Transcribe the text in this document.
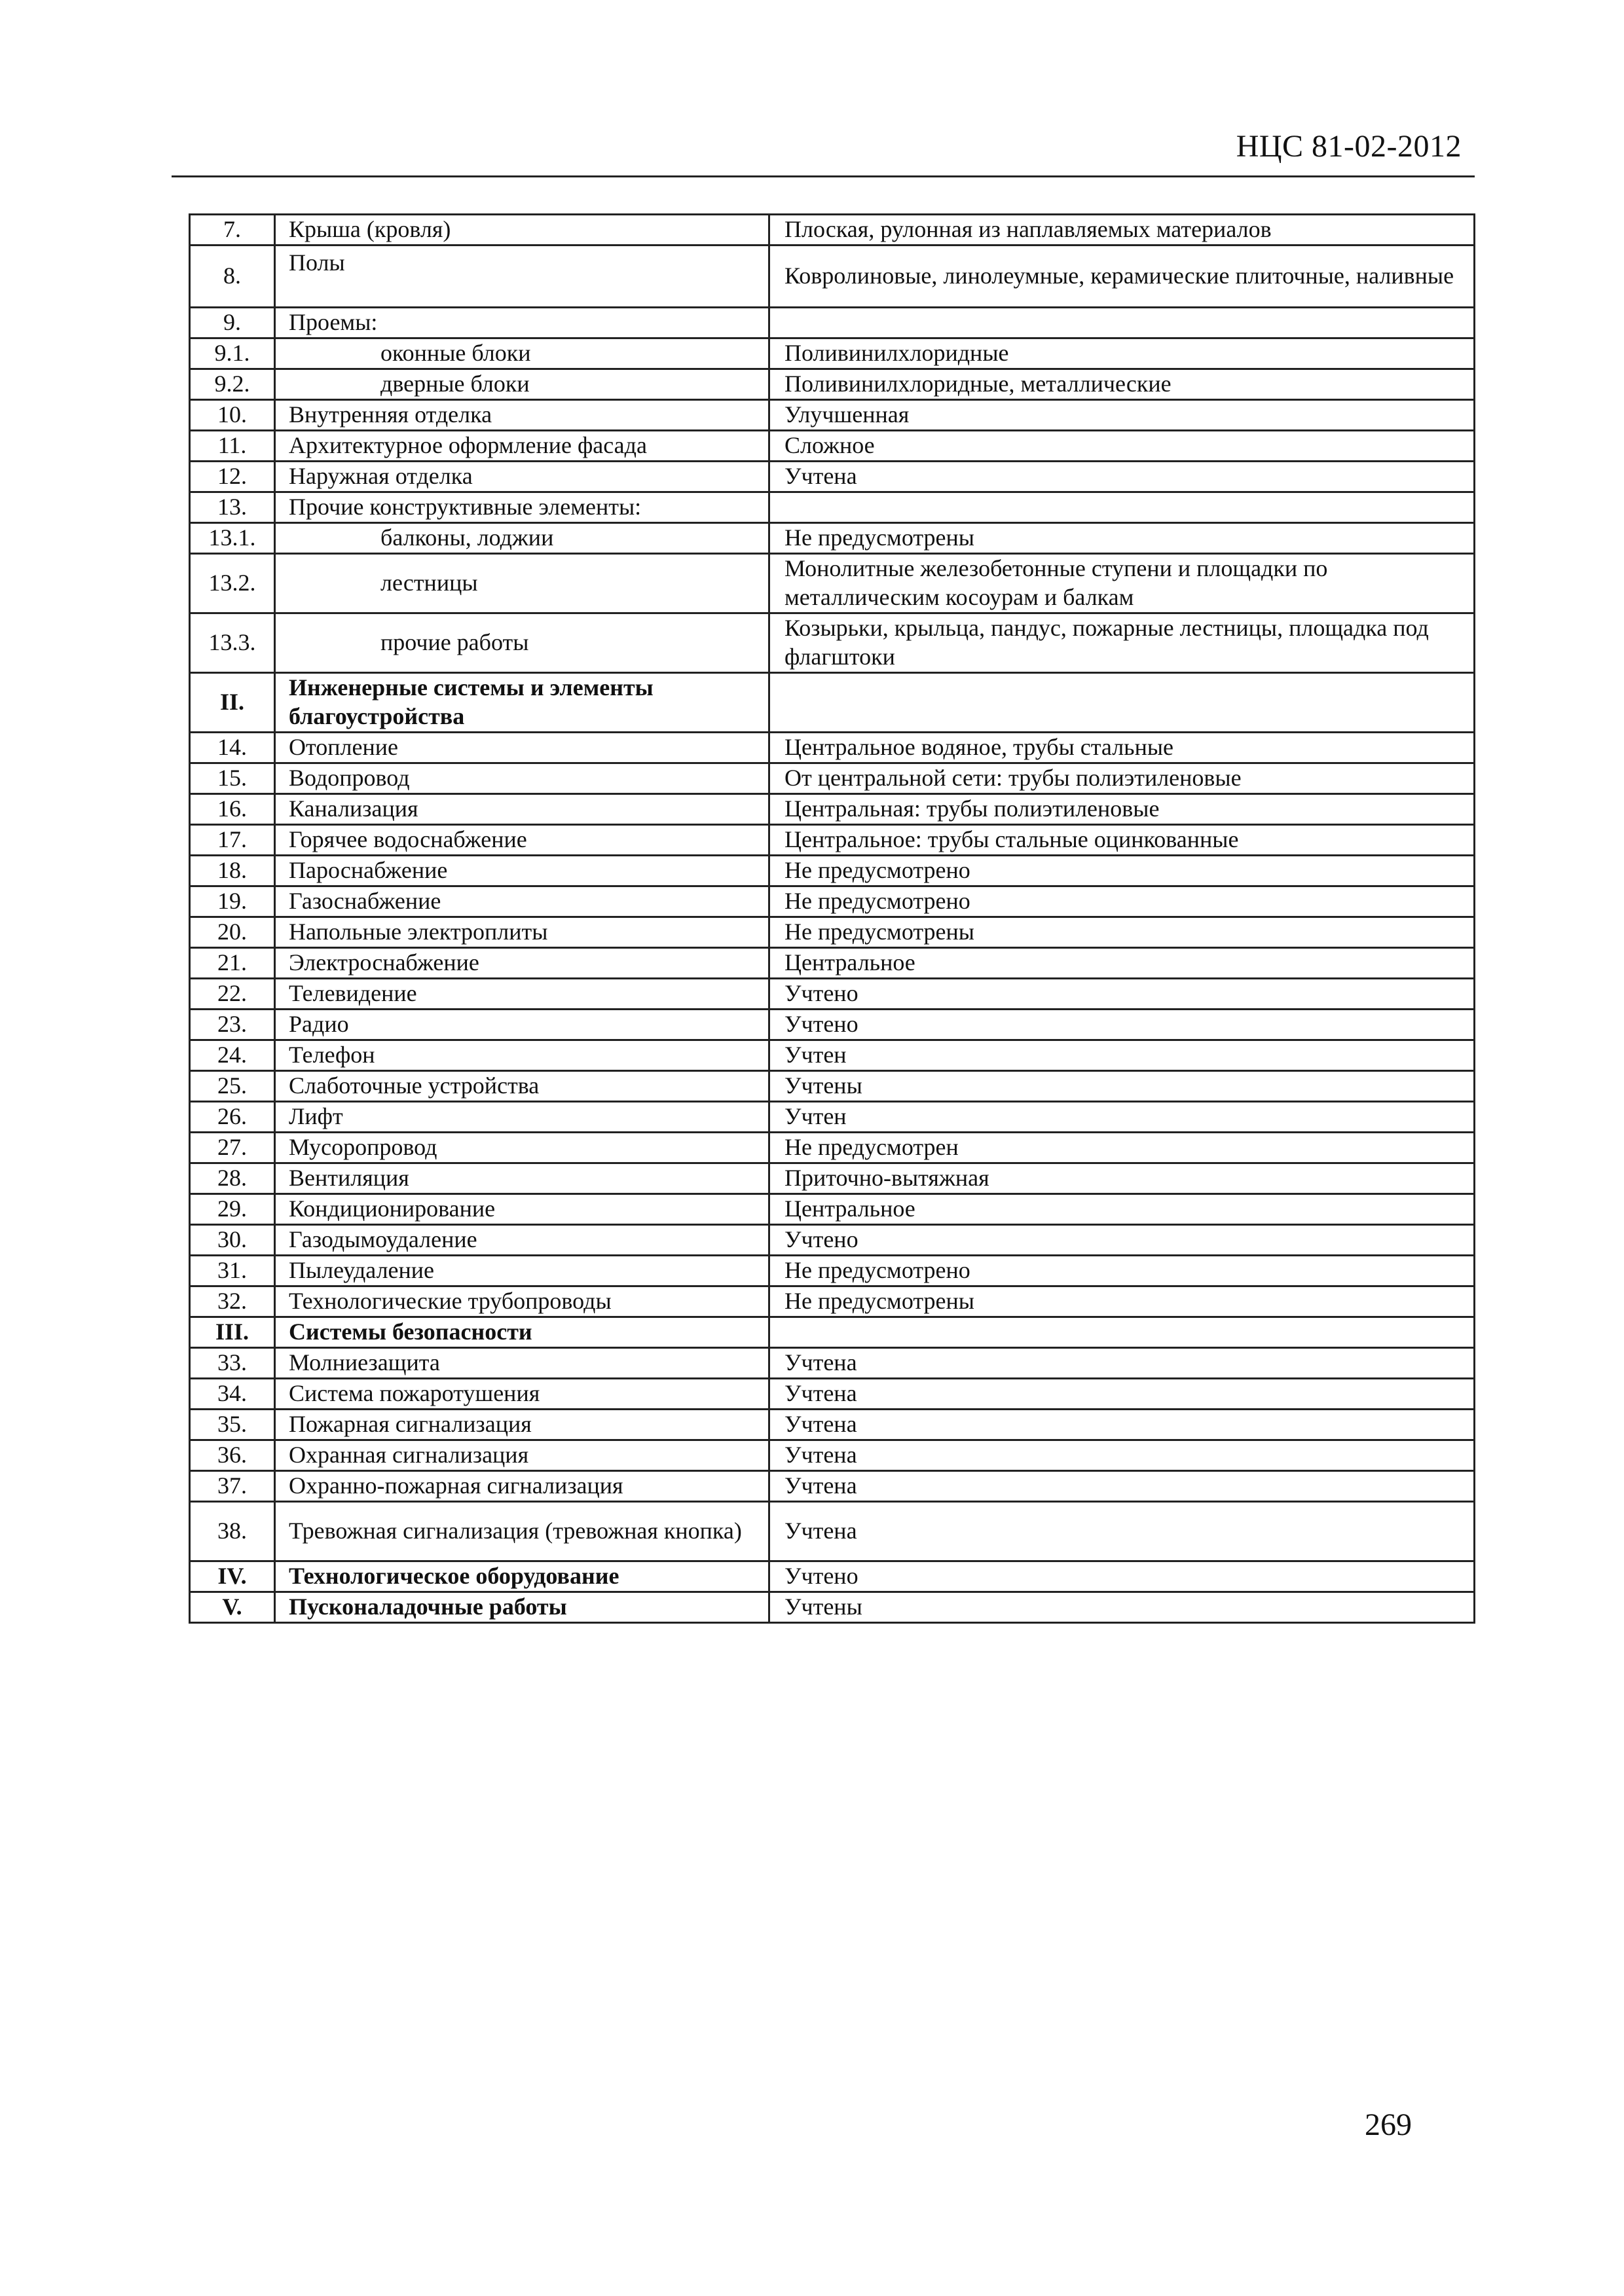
НЦС 81-02-2012
7.	Крыша (кровля)	Плоская, рулонная из наплавляемых материалов
8.	Полы	Ковролиновые, линолеумные, керамические плиточные, наливные
9.	Проемы:	
9.1.	оконные блоки	Поливинилхлоридные
9.2.	дверные блоки	Поливинилхлоридные, металлические
10.	Внутренняя отделка	Улучшенная
11.	Архитектурное оформление фасада	Сложное
12.	Наружная отделка	Учтена
13.	Прочие конструктивные элементы:	
13.1.	балконы, лоджии	Не предусмотрены
13.2.	лестницы	Монолитные железобетонные ступени и площадки по металлическим косоурам и балкам
13.3.	прочие работы	Козырьки, крыльца, пандус, пожарные лестницы, площадка под флагштоки
II.	Инженерные системы и элементы благоустройства	
14.	Отопление	Центральное водяное, трубы стальные
15.	Водопровод	От центральной сети: трубы полиэтиленовые
16.	Канализация	Центральная: трубы полиэтиленовые
17.	Горячее водоснабжение	Центральное: трубы стальные оцинкованные
18.	Пароснабжение	Не предусмотрено
19.	Газоснабжение	Не предусмотрено
20.	Напольные электроплиты	Не предусмотрены
21.	Электроснабжение	Центральное
22.	Телевидение	Учтено
23.	Радио	Учтено
24.	Телефон	Учтен
25.	Слаботочные устройства	Учтены
26.	Лифт	Учтен
27.	Мусоропровод	Не предусмотрен
28.	Вентиляция	Приточно-вытяжная
29.	Кондиционирование	Центральное
30.	Газодымоудаление	Учтено
31.	Пылеудаление	Не предусмотрено
32.	Технологические трубопроводы	Не предусмотрены
III.	Системы безопасности	
33.	Молниезащита	Учтена
34.	Система пожаротушения	Учтена
35.	Пожарная сигнализация	Учтена
36.	Охранная сигнализация	Учтена
37.	Охранно-пожарная сигнализация	Учтена
38.	Тревожная сигнализация (тревожная кнопка)	Учтена
IV.	Технологическое оборудование	Учтено
V.	Пусконаладочные работы	Учтены
269
